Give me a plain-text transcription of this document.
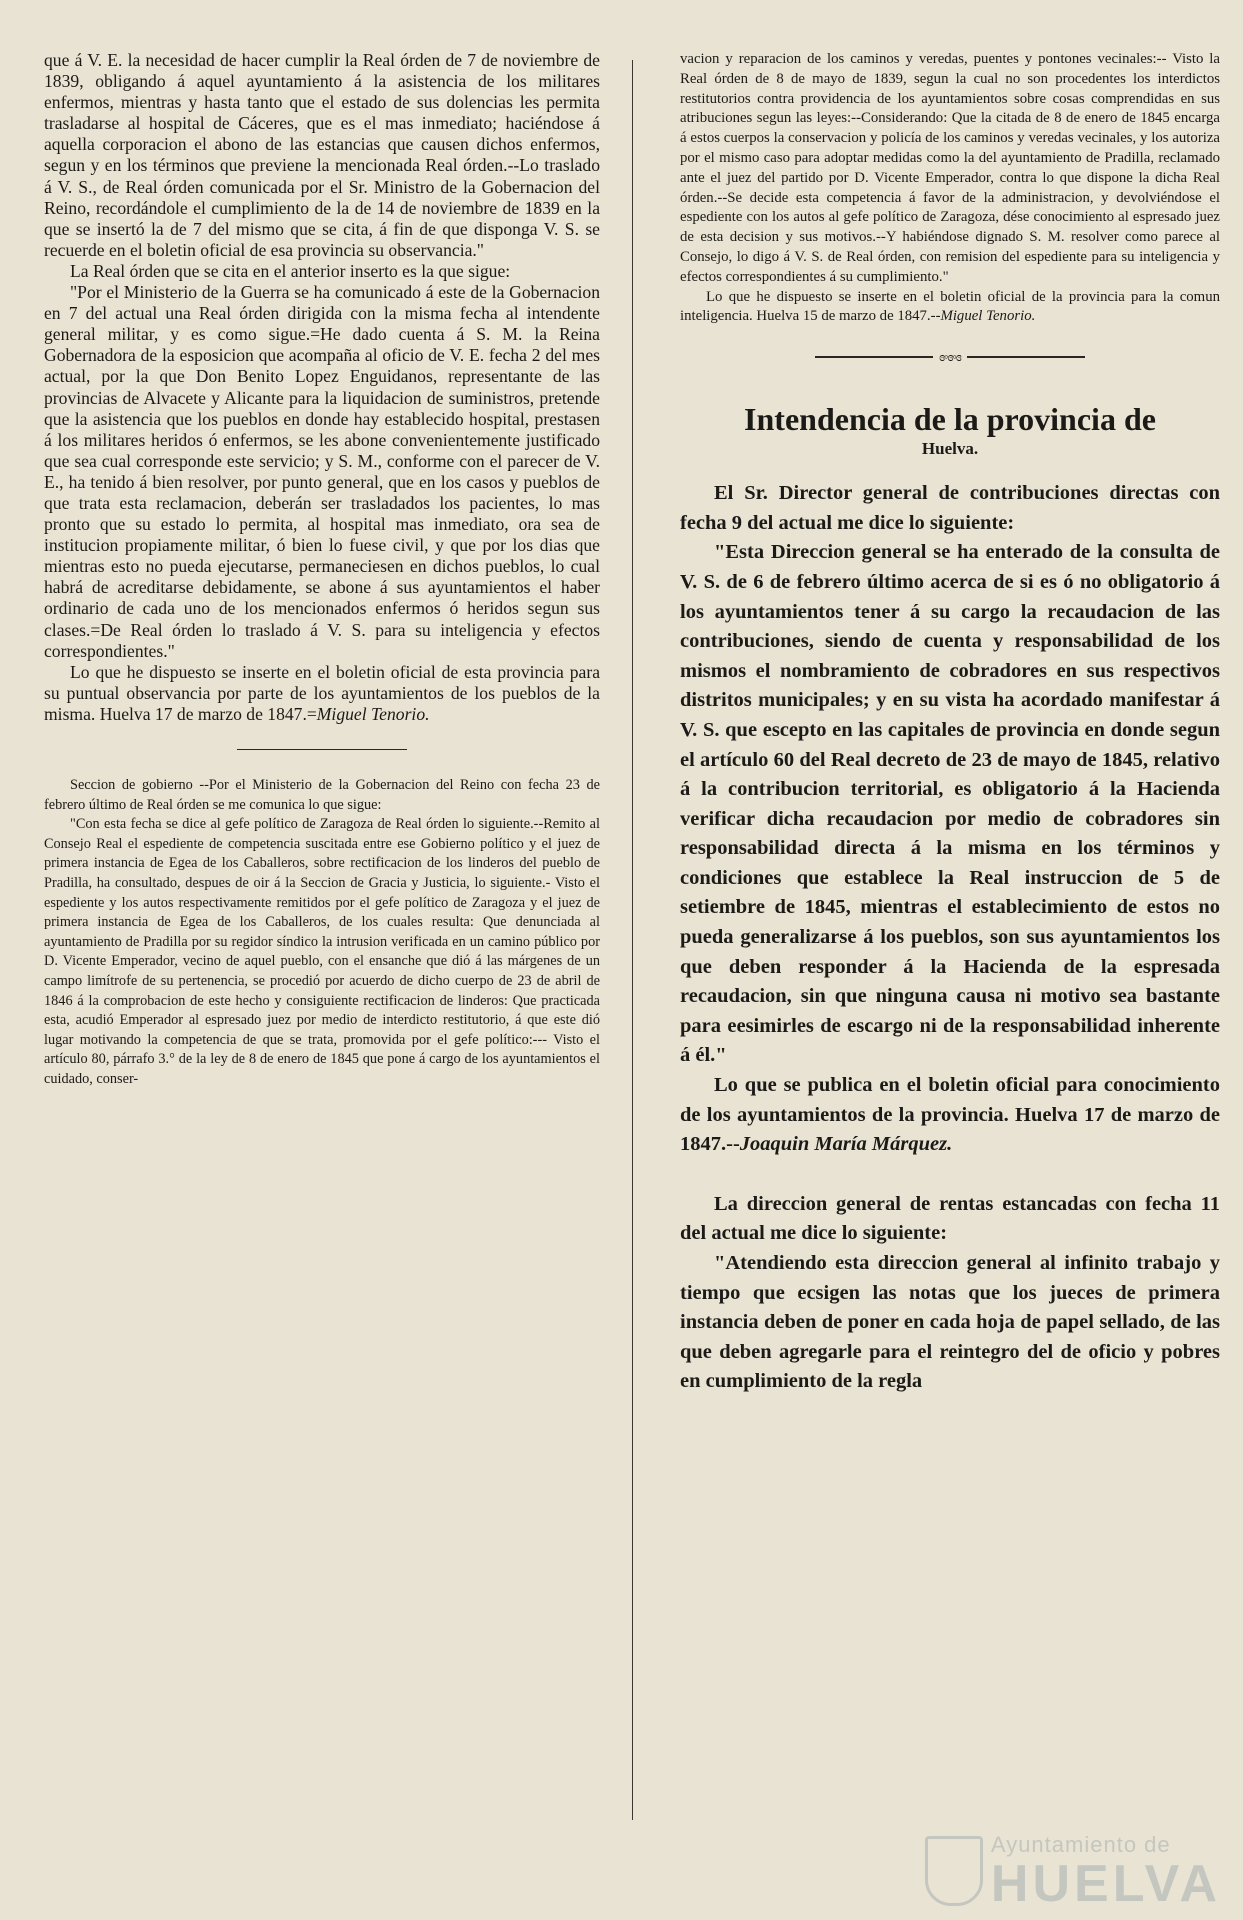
que á V. E. la necesidad de hacer cumplir la Real órden de 7 de noviembre de 1839, obligando á aquel ayuntamiento á la asistencia de los militares enfermos, mientras y hasta tanto que el estado de sus dolencias les permita trasladarse al hospital de Cáceres, que es el mas inmediato; haciéndose á aquella corporacion el abono de las estancias que causen dichos enfermos, segun y en los términos que previene la mencionada Real órden.--Lo traslado á V. S., de Real órden comunicada por el Sr. Ministro de la Gobernacion del Reino, recordándole el cumplimiento de la de 14 de noviembre de 1839 en la que se insertó la de 7 del mismo que se cita, á fin de que disponga V. S. se recuerde en el boletin oficial de esa provincia su observancia."

La Real órden que se cita en el anterior inserto es la que sigue:

"Por el Ministerio de la Guerra se ha comunicado á este de la Gobernacion en 7 del actual una Real órden dirigida con la misma fecha al intendente general militar, y es como sigue.=He dado cuenta á S. M. la Reina Gobernadora de la esposicion que acompaña al oficio de V. E. fecha 2 del mes actual, por la que Don Benito Lopez Enguidanos, representante de las provincias de Alvacete y Alicante para la liquidacion de suministros, pretende que la asistencia que los pueblos en donde hay establecido hospital, prestasen á los militares heridos ó enfermos, se les abone convenientemente justificado que sea cual corresponde este servicio; y S. M., conforme con el parecer de V. E., ha tenido á bien resolver, por punto general, que en los casos y pueblos de que trata esta reclamacion, deberán ser trasladados los pacientes, lo mas pronto que su estado lo permita, al hospital mas inmediato, ora sea de institucion propiamente militar, ó bien lo fuese civil, y que por los dias que mientras esto no pueda ejecutarse, permaneciesen en dichos pueblos, lo cual habrá de acreditarse debidamente, se abone á sus ayuntamientos el haber ordinario de cada uno de los mencionados enfermos ó heridos segun sus clases.=De Real órden lo traslado á V. S. para su inteligencia y efectos correspondientes."

Lo que he dispuesto se inserte en el boletin oficial de esta provincia para su puntual observancia por parte de los ayuntamientos de los pueblos de la misma. Huelva 17 de marzo de 1847.=Miguel Tenorio.

Seccion de gobierno --Por el Ministerio de la Gobernacion del Reino con fecha 23 de febrero último de Real órden se me comunica lo que sigue:

"Con esta fecha se dice al gefe político de Zaragoza de Real órden lo siguiente.--Remito al Consejo Real el espediente de competencia suscitada entre ese Gobierno político y el juez de primera instancia de Egea de los Caballeros, sobre rectificacion de los linderos del pueblo de Pradilla, ha consultado, despues de oir á la Seccion de Gracia y Justicia, lo siguiente.- Visto el espediente y los autos respectivamente remitidos por el gefe político de Zaragoza y el juez de primera instancia de Egea de los Caballeros, de los cuales resulta: Que denunciada al ayuntamiento de Pradilla por su regidor síndico la intrusion verificada en un camino público por D. Vicente Emperador, vecino de aquel pueblo, con el ensanche que dió á las márgenes de un campo limítrofe de su pertenencia, se procedió por acuerdo de dicho cuerpo de 23 de abril de 1846 á la comprobacion de este hecho y consiguiente rectificacion de linderos: Que practicada esta, acudió Emperador al espresado juez por medio de interdicto restitutorio, á que este dió lugar motivando la competencia de que se trata, promovida por el gefe político:--- Visto el artículo 80, párrafo 3.° de la ley de 8 de enero de 1845 que pone á cargo de los ayuntamientos el cuidado, conser-

vacion y reparacion de los caminos y veredas, puentes y pontones vecinales:-- Visto la Real órden de 8 de mayo de 1839, segun la cual no son procedentes los interdictos restitutorios contra providencia de los ayuntamientos sobre cosas comprendidas en sus atribuciones segun las leyes:--Considerando: Que la citada de 8 de enero de 1845 encarga á estos cuerpos la conservacion y policía de los caminos y veredas vecinales, y los autoriza por el mismo caso para adoptar medidas como la del ayuntamiento de Pradilla, reclamado ante el juez del partido por D. Vicente Emperador, contra lo que dispone la dicha Real órden.--Se decide esta competencia á favor de la administracion, y devolviéndose el espediente con los autos al gefe político de Zaragoza, dése conocimiento al espresado juez de esta decision y sus motivos.--Y habiéndose dignado S. M. resolver como parece al Consejo, lo digo á V. S. de Real órden, con remision del espediente para su inteligencia y efectos correspondientes á su cumplimiento."

Lo que he dispuesto se inserte en el boletin oficial de la provincia para la comun inteligencia. Huelva 15 de marzo de 1847.--Miguel Tenorio.

ɞ◦ɞ◦ɞ
Intendencia de la provincia de
Huelva.

El Sr. Director general de contribuciones directas con fecha 9 del actual me dice lo siguiente:

"Esta Direccion general se ha enterado de la consulta de V. S. de 6 de febrero último acerca de si es ó no obligatorio á los ayuntamientos tener á su cargo la recaudacion de las contribuciones, siendo de cuenta y responsabilidad de los mismos el nombramiento de cobradores en sus respectivos distritos municipales; y en su vista ha acordado manifestar á V. S. que escepto en las capitales de provincia en donde segun el artículo 60 del Real decreto de 23 de mayo de 1845, relativo á la contribucion territorial, es obligatorio á la Hacienda verificar dicha recaudacion por medio de cobradores sin responsabilidad directa á la misma en los términos y condiciones que establece la Real instruccion de 5 de setiembre de 1845, mientras el establecimiento de estos no pueda generalizarse á los pueblos, son sus ayuntamientos los que deben responder á la Hacienda de la espresada recaudacion, sin que ninguna causa ni motivo sea bastante para eesimirles de escargo ni de la responsabilidad inherente á él."

Lo que se publica en el boletin oficial para conocimiento de los ayuntamientos de la provincia. Huelva 17 de marzo de 1847.--Joaquin María Márquez.

La direccion general de rentas estancadas con fecha 11 del actual me dice lo siguiente:

"Atendiendo esta direccion general al infinito trabajo y tiempo que ecsigen las notas que los jueces de primera instancia deben de poner en cada hoja de papel sellado, de las que deben agregarle para el reintegro del de oficio y pobres en cumplimiento de la regla

Ayuntamiento de
HUELVA
